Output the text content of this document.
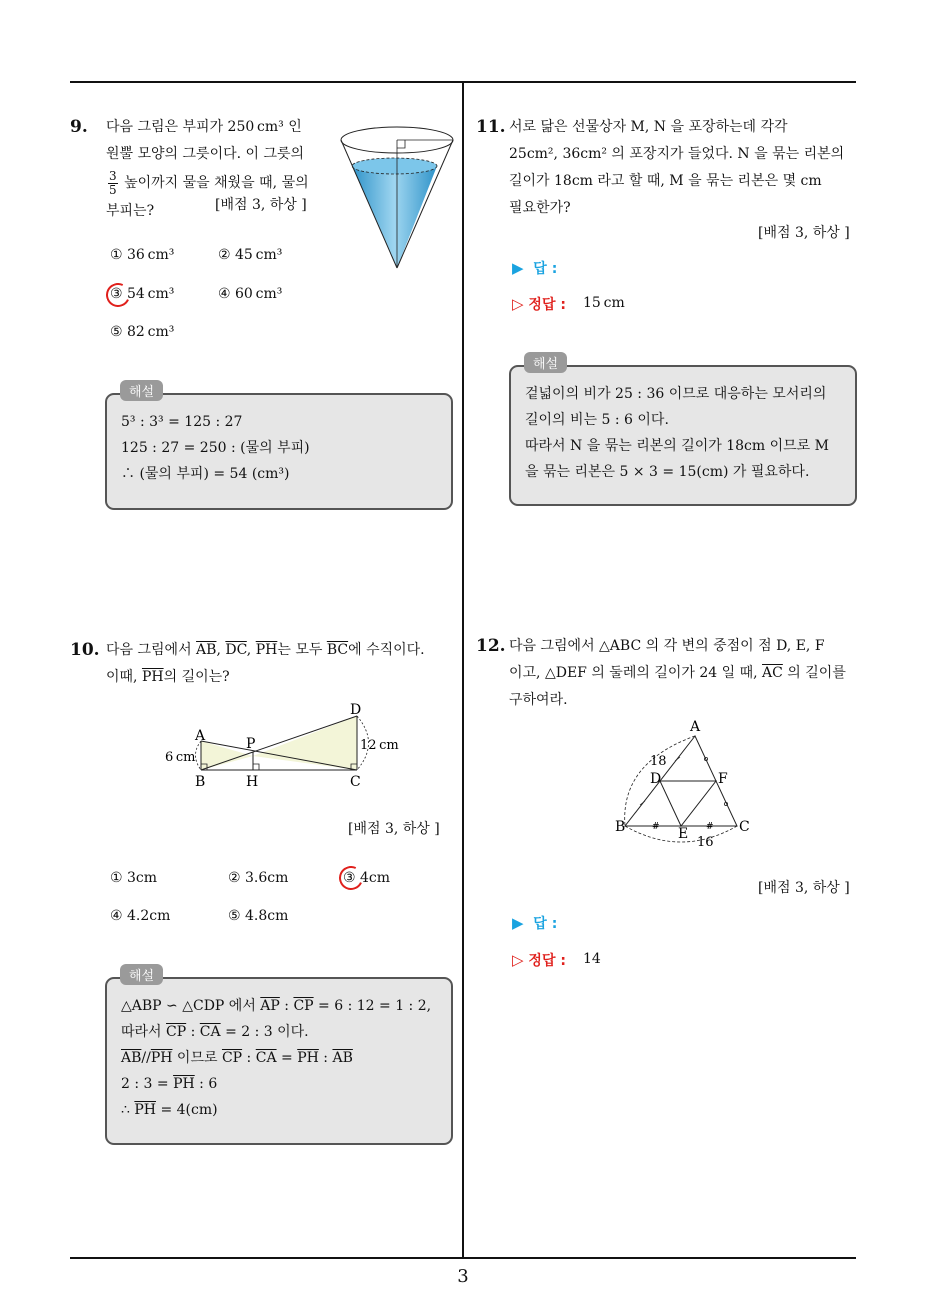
3
9. 다음 그림은 부피가 250 cm³ 인
원뿔 모양의 그릇이다. 이 그릇의
$\frac{3}{5}$ 높이까지 물을 채웠을 때, 물의
부피는?	[배점 3, 하상 ]
① 36 cm³	② 45 cm³
③ 54 cm³	④ 60 cm³
⑤ 82 cm³
5³ : 3³ = 125 : 27
125 : 27 = 250 : (물의 부피)
∴ (물의 부피) = 54 (cm³)
해설
10. 다음 그림에서 $\overline{AB}$, $\overline{DC}$, $\overline{PH}$는 모두 $\overline{BC}$에 수직이다.
이때, $\overline{PH}$의 길이는?
A
B
P
H
D
C
6 cm
12 cm
[배점 3, 하상 ]
① 3cm	② 3.6cm	③ 4cm
④ 4.2cm	⑤ 4.8cm
△ABP ∽ △CDP 에서 $\overline{AP}$ : $\overline{CP} = 6$ : 12 = 1 : 2,
따라서 $\overline{CP}$ : $\overline{CA} = 2$ : 3 이다.
$\overline{AB}//\overline{PH}$ 이므로 $\overline{CP}$ : $\overline{CA} = \overline{PH}$ : $\overline{AB}$
2 : $3 = \overline{PH}$ : 6
∴ $\overline{PH} = 4(cm)$
해설
11. 서로 닮은 선물상자 M, N 을 포장하는데 각각
25cm², 36cm² 의 포장지가 들었다. N 을 묶는 리본의
길이가 18cm 라고 할 때, M 을 묶는 리본은 몇 cm
필요한가?
[배점 3, 하상 ]
▶ 답 :
▷ 정답 : 15 cm
겉넓이의 비가 25 : 36 이므로 대응하는 모서리의
길이의 비는 5 : 6 이다.
따라서 N 을 묶는 리본의 길이가 18cm 이므로 M
을 묶는 리본은 5 × 3 = 15(cm) 가 필요하다.
해설
12. 다음 그림에서 △ABC 의 각 변의 중점이 점 D, E, F
이고, △DEF 의 둘레의 길이가 24 일 때, $\overline{AC}$ 의 길이를
구하여라.
#	#
A
B	C
D
E
F
18
16
[배점 3, 하상 ]
▶ 답 :
▷ 정답 : 14
